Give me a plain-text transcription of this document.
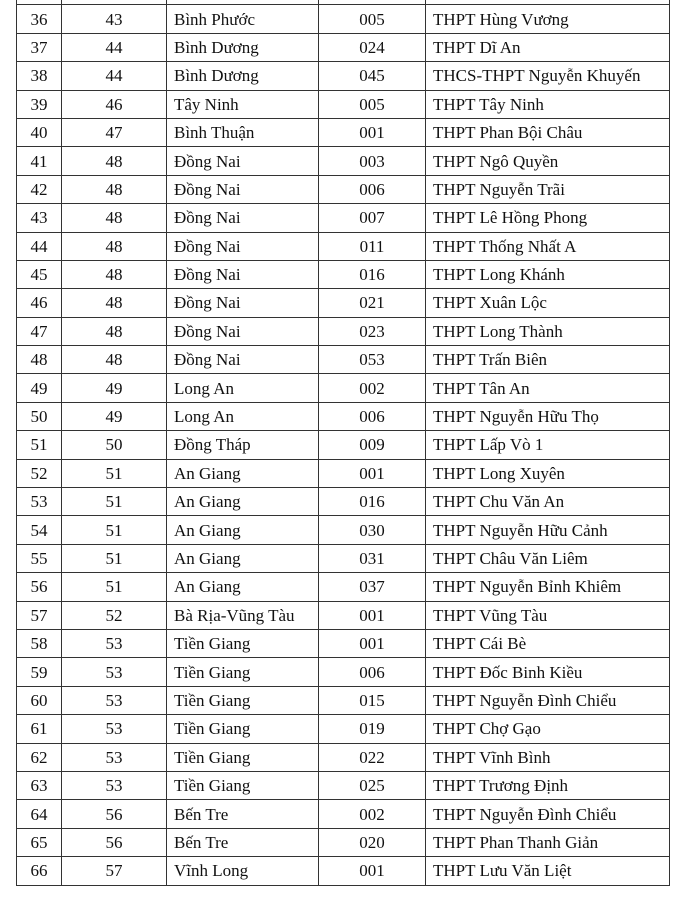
36	43	Bình Phước	005	THPT Hùng Vương
37	44	Bình Dương	024	THPT Dĩ An
38	44	Bình Dương	045	THCS-THPT Nguyễn Khuyến
39	46	Tây Ninh	005	THPT Tây Ninh
40	47	Bình Thuận	001	THPT Phan Bội Châu
41	48	Đồng Nai	003	THPT Ngô Quyền
42	48	Đồng Nai	006	THPT Nguyễn Trãi
43	48	Đồng Nai	007	THPT Lê Hồng Phong
44	48	Đồng Nai	011	THPT Thống Nhất A
45	48	Đồng Nai	016	THPT Long Khánh
46	48	Đồng Nai	021	THPT Xuân Lộc
47	48	Đồng Nai	023	THPT Long Thành
48	48	Đồng Nai	053	THPT Trấn Biên
49	49	Long An	002	THPT Tân An
50	49	Long An	006	THPT Nguyễn Hữu Thọ
51	50	Đồng Tháp	009	THPT Lấp Vò 1
52	51	An Giang	001	THPT Long Xuyên
53	51	An Giang	016	THPT Chu Văn An
54	51	An Giang	030	THPT Nguyễn Hữu Cảnh
55	51	An Giang	031	THPT Châu Văn Liêm
56	51	An Giang	037	THPT Nguyễn Bỉnh Khiêm
57	52	Bà Rịa-Vũng Tàu	001	THPT Vũng Tàu
58	53	Tiền Giang	001	THPT Cái Bè
59	53	Tiền Giang	006	THPT Đốc Binh Kiều
60	53	Tiền Giang	015	THPT Nguyễn Đình Chiểu
61	53	Tiền Giang	019	THPT Chợ Gạo
62	53	Tiền Giang	022	THPT Vĩnh Bình
63	53	Tiền Giang	025	THPT Trương Định
64	56	Bến Tre	002	THPT Nguyễn Đình Chiểu
65	56	Bến Tre	020	THPT Phan Thanh Giản
66	57	Vĩnh Long	001	THPT Lưu Văn Liệt
